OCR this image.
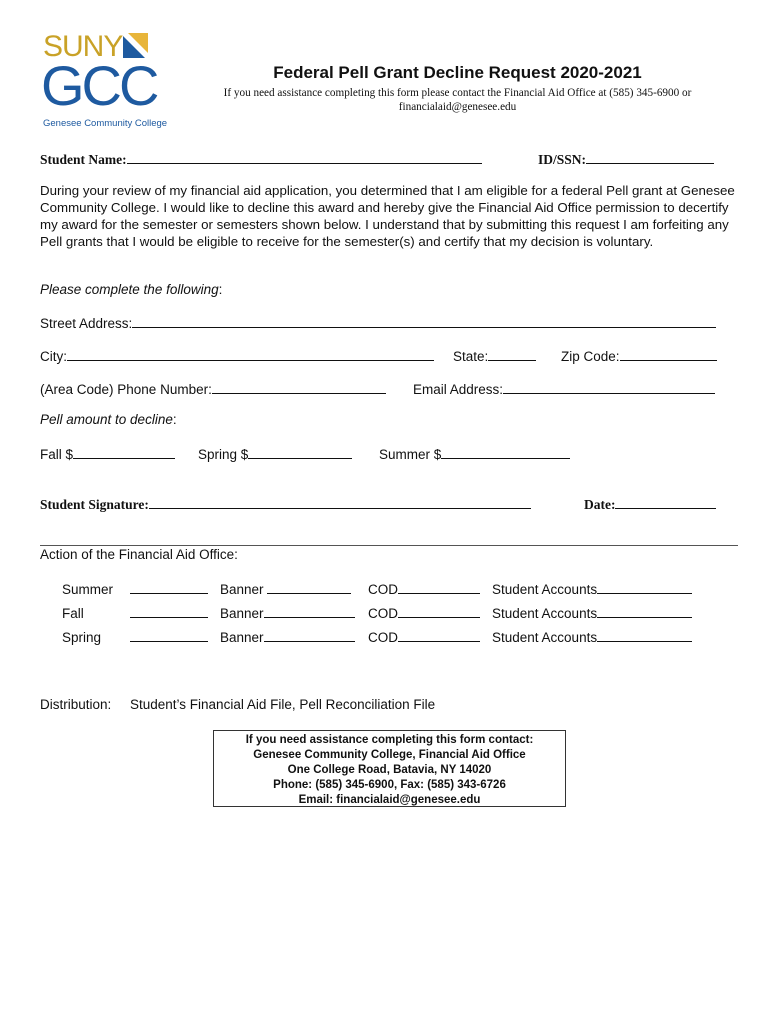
SUNY
GCC
Genesee Community College
Federal Pell Grant Decline Request 2020-2021
If you need assistance completing this form please contact the Financial Aid Office at (585) 345-6900 or
financialaid@genesee.edu
Student Name:	ID/SSN:
During your review of my financial aid application, you determined that I am eligible for a federal Pell grant at Genesee Community College. I would like to decline this award and hereby give the Financial Aid Office permission to decertify my award for the semester or semesters shown below. I understand that by submitting this request I am forfeiting any Pell grants that I would be eligible to receive for the semester(s) and certify that my decision is voluntary.
Please complete the following:
Street Address:
City:	State:	Zip Code:
(Area Code) Phone Number:	Email Address:
Pell amount to decline:
Fall $	Spring $	Summer $
Student Signature:	Date:
Action of the Financial Aid Office:
Summer	Banner	COD	Student Accounts
Fall	Banner	COD	Student Accounts
Spring	Banner	COD	Student Accounts
Distribution: Student’s Financial Aid File, Pell Reconciliation File
If you need assistance completing this form contact:
Genesee Community College, Financial Aid Office
One College Road, Batavia, NY 14020
Phone: (585) 345-6900, Fax: (585) 343-6726
Email: financialaid@genesee.edu
